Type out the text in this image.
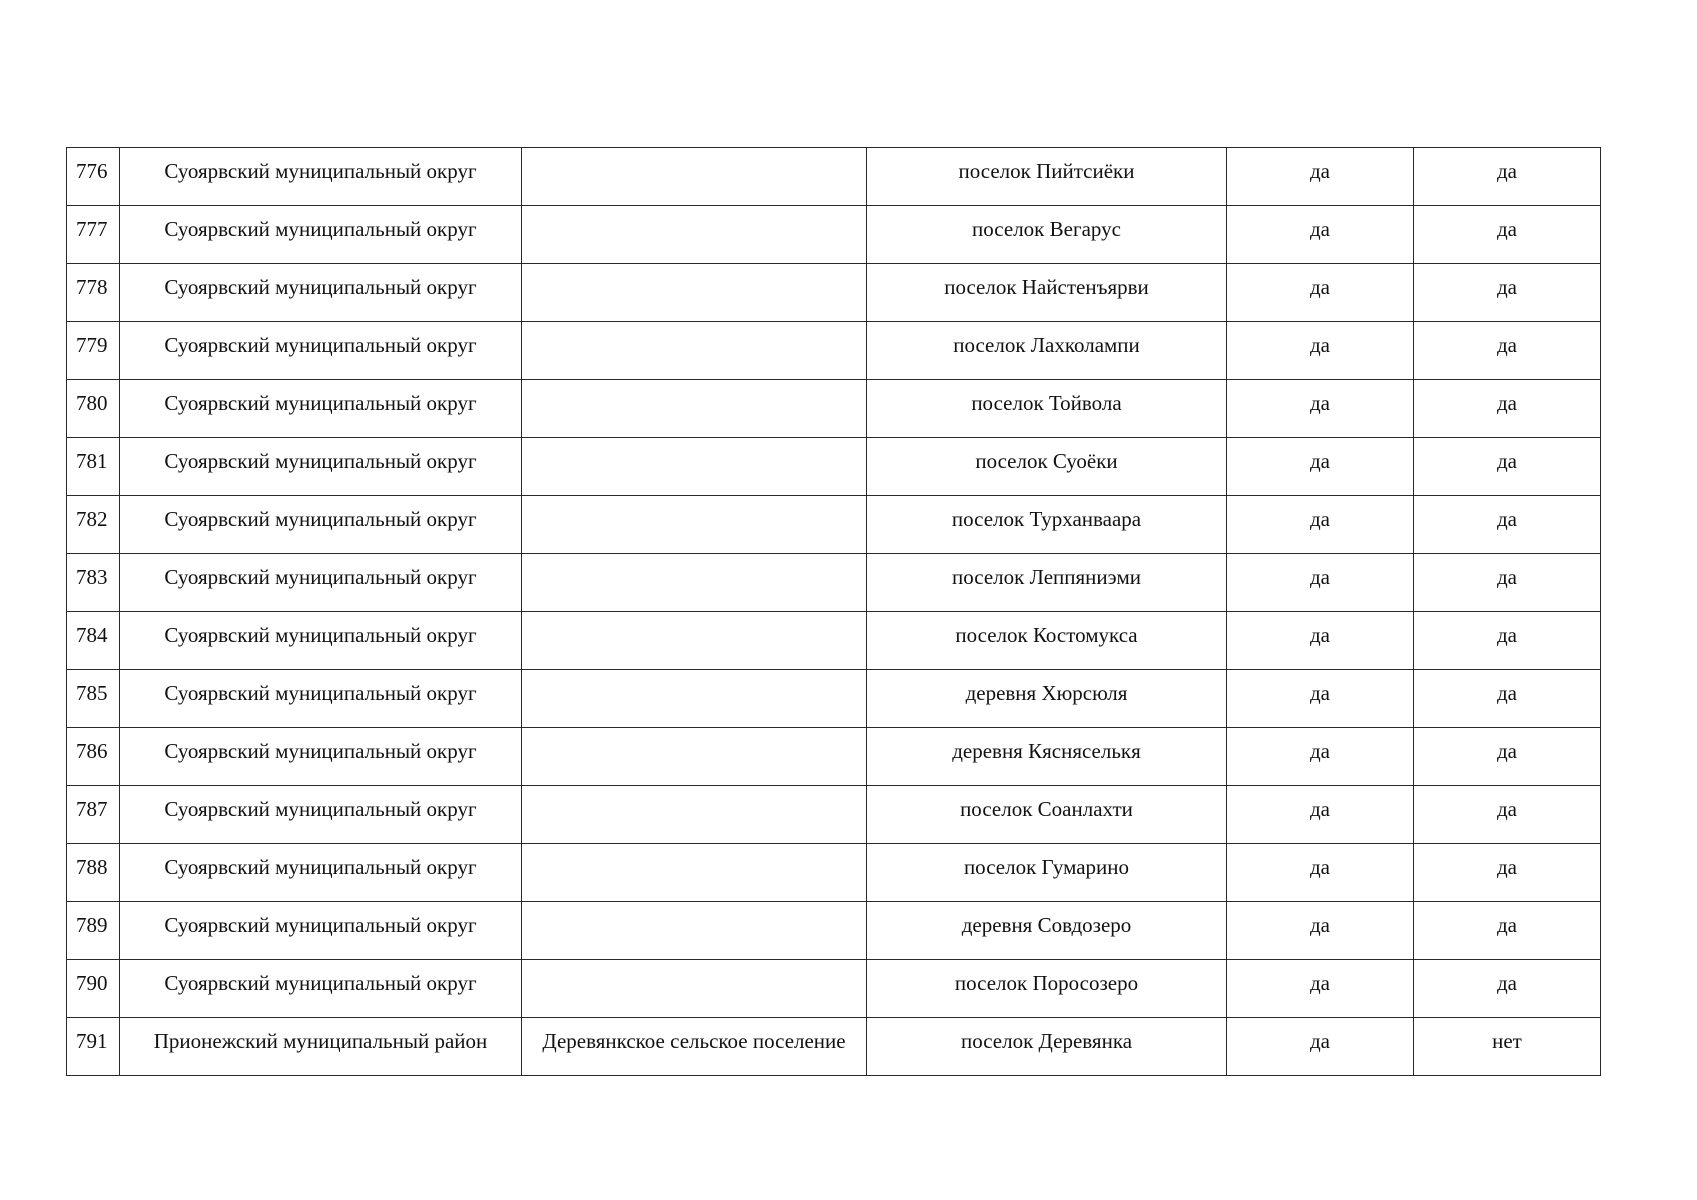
776	Суоярвский муниципальный округ		поселок Пийтсиёки	да	да
777	Суоярвский муниципальный округ		поселок Вегарус	да	да
778	Суоярвский муниципальный округ		поселок Найстенъярви	да	да
779	Суоярвский муниципальный округ		поселок Лахколампи	да	да
780	Суоярвский муниципальный округ		поселок Тойвола	да	да
781	Суоярвский муниципальный округ		поселок Суоёки	да	да
782	Суоярвский муниципальный округ		поселок Турханваара	да	да
783	Суоярвский муниципальный округ		поселок Леппяниэми	да	да
784	Суоярвский муниципальный округ		поселок Костомукса	да	да
785	Суоярвский муниципальный округ		деревня Хюрсюля	да	да
786	Суоярвский муниципальный округ		деревня Кясняселькя	да	да
787	Суоярвский муниципальный округ		поселок Соанлахти	да	да
788	Суоярвский муниципальный округ		поселок Гумарино	да	да
789	Суоярвский муниципальный округ		деревня Совдозеро	да	да
790	Суоярвский муниципальный округ		поселок Поросозеро	да	да
791	Прионежский муниципальный район	Деревянкское сельское поселение	поселок Деревянка	да	нет
